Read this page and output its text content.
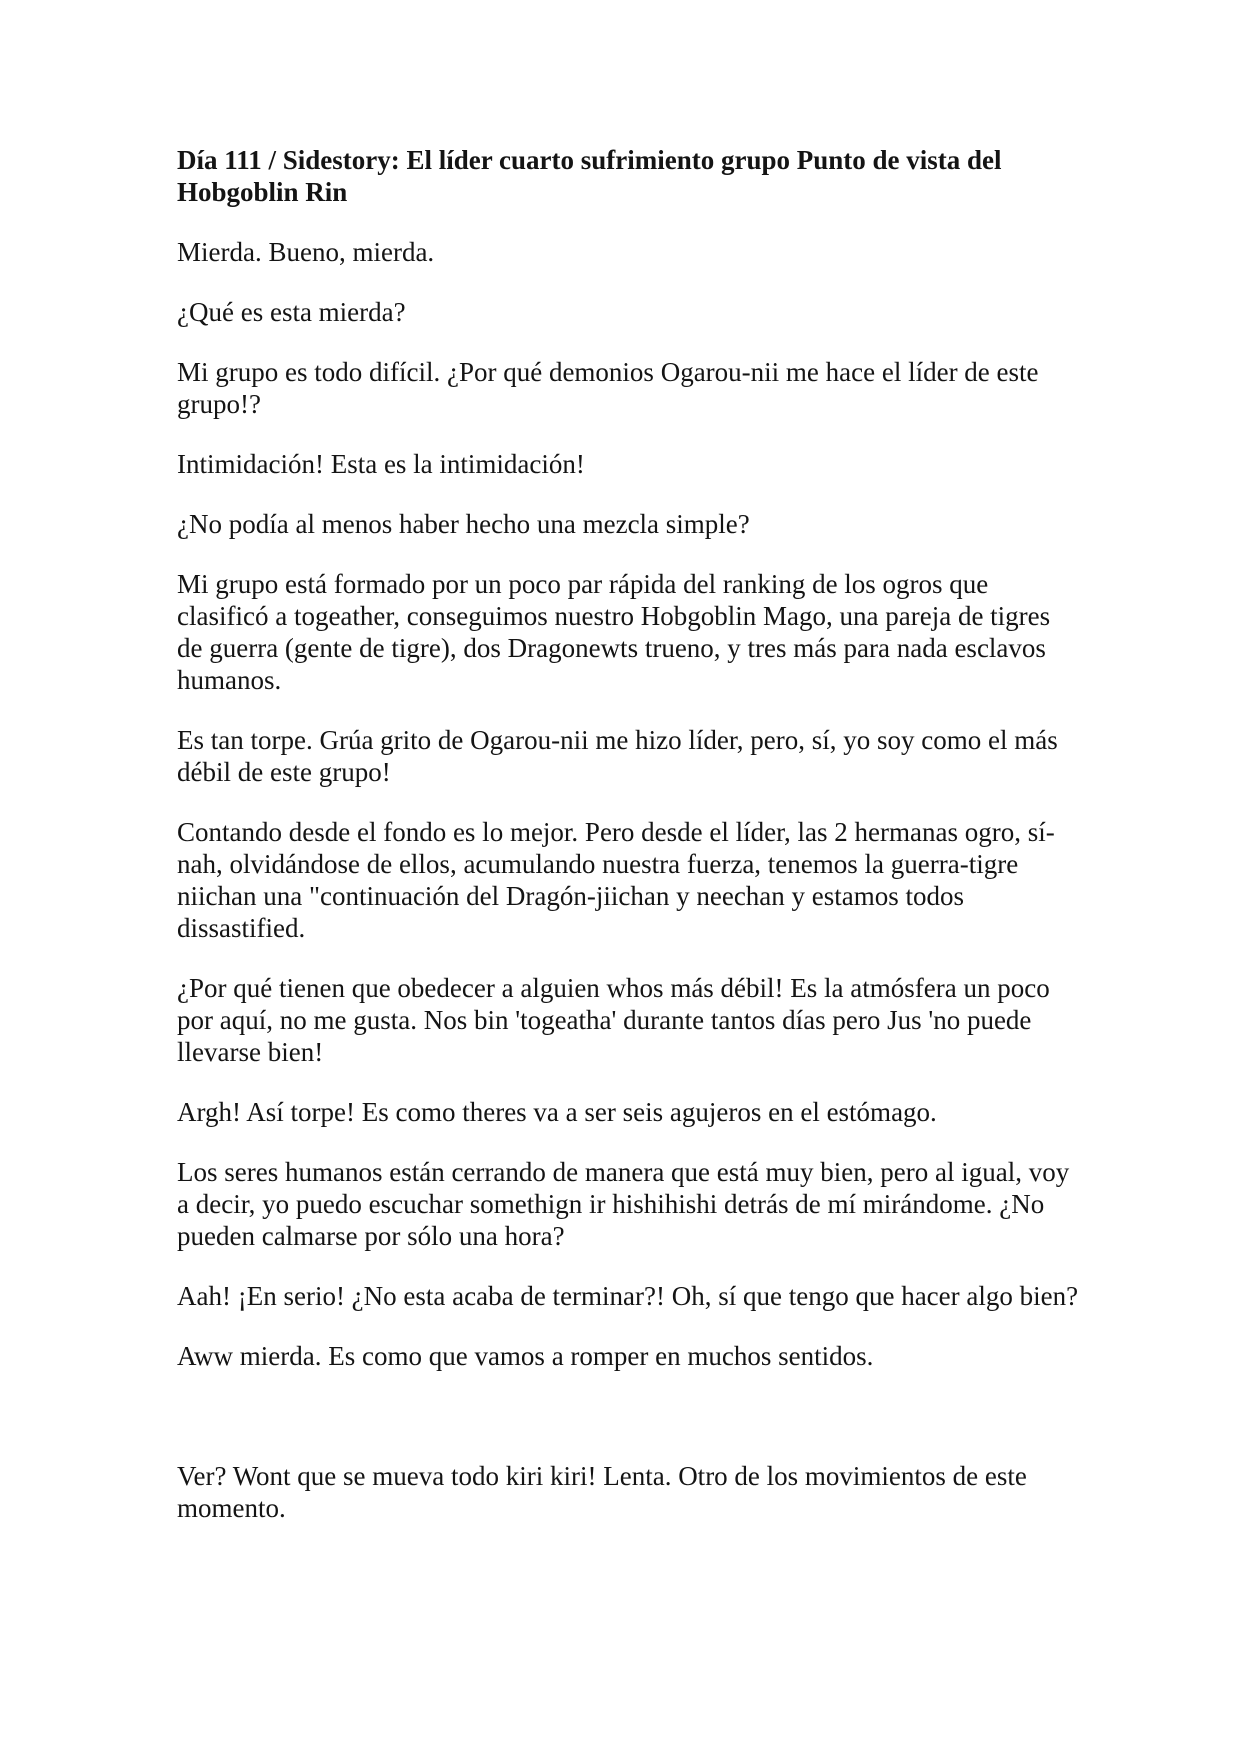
Día 111 / Sidestory: El líder cuarto sufrimiento grupo Punto de vista del Hobgoblin Rin

Mierda. Bueno, mierda.

¿Qué es esta mierda?

Mi grupo es todo difícil. ¿Por qué demonios Ogarou-nii me hace el líder de este grupo!?

Intimidación! Esta es la intimidación!

¿No podía al menos haber hecho una mezcla simple?

Mi grupo está formado por un poco par rápida del ranking de los ogros que clasificó a togeather, conseguimos nuestro Hobgoblin Mago, una pareja de tigres de guerra (gente de tigre), dos Dragonewts trueno, y tres más para nada esclavos humanos.

Es tan torpe. Grúa grito de Ogarou-nii me hizo líder, pero, sí, yo soy como el más débil de este grupo!

Contando desde el fondo es lo mejor. Pero desde el líder, las 2 hermanas ogro, sí-nah, olvidándose de ellos, acumulando nuestra fuerza, tenemos la guerra-tigre niichan una "continuación del Dragón-jiichan y neechan y estamos todos dissastified.

¿Por qué tienen que obedecer a alguien whos más débil! Es la atmósfera un poco por aquí, no me gusta. Nos bin 'togeatha' durante tantos días pero Jus 'no puede llevarse bien!

Argh! Así torpe! Es como theres va a ser seis agujeros en el estómago.

Los seres humanos están cerrando de manera que está muy bien, pero al igual, voy a decir, yo puedo escuchar somethign ir hishihishi detrás de mí mirándome. ¿No pueden calmarse por sólo una hora?

Aah! ¡En serio! ¿No esta acaba de terminar?! Oh, sí que tengo que hacer algo bien?

Aww mierda. Es como que vamos a romper en muchos sentidos.

Ver? Wont que se mueva todo kiri kiri! Lenta. Otro de los movimientos de este momento.
